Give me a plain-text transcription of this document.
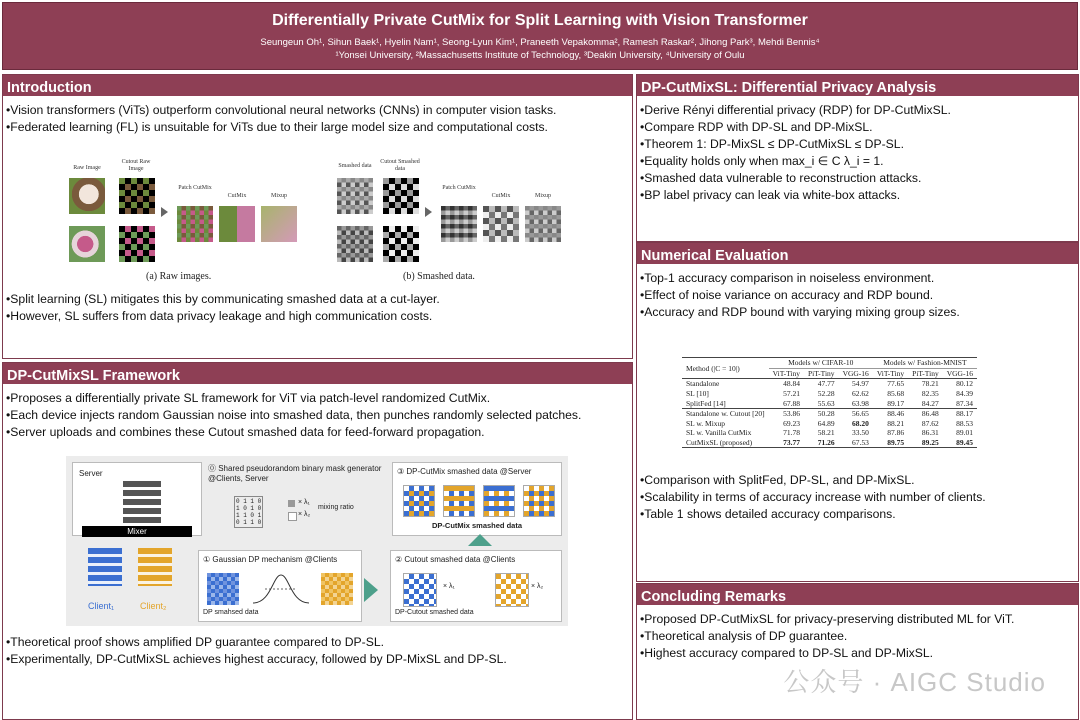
Differentially Private CutMix for Split Learning with Vision Transformer
Seungeun Oh¹, Sihun Baek¹, Hyelin Nam¹, Seong-Lyun Kim¹, Praneeth Vepakomma², Ramesh Raskar², Jihong Park³, Mehdi Bennis⁴
¹Yonsei University, ²Massachusetts Institute of Technology, ³Deakin University, ⁴University of Oulu
Introduction
• Vision transformers (ViTs) outperform convolutional neural networks (CNNs) in computer vision tasks.
• Federated learning (FL) is unsuitable for ViTs due to their large model size and computational costs.
Raw Image
Cutout Raw Image
Patch CutMix
CutMix	Mixup
(a) Raw images.
Smashed data
Cutout Smashed data
Patch CutMix
CutMix	Mixup
(b) Smashed data.
• Split learning (SL) mitigates this by communicating smashed data at a cut-layer.
• However, SL suffers from data privacy leakage and high communication costs.
DP-CutMixSL Framework
• Proposes a differentially private SL framework for ViT via patch-level randomized CutMix.
• Each device injects random Gaussian noise into smashed data, then punches randomly selected patches.
• Server uploads and combines these Cutout smashed data for feed-forward propagation.
• Theoretical proof shows amplified DP guarantee compared to DP-SL.
• Experimentally, DP-CutMixSL achieves highest accuracy, followed by DP-MixSL and DP-SL.
Server
Mixer
Client₁	Client₂
⓪ Shared pseudorandom binary mask generator @Clients, Server
0 1 1 0
1 0 1 0
1 1 0 1
0 1 1 0
× λ₁
× λ₂
mixing ratio
③ DP-CutMix smashed data @Server
DP-CutMix smashed data
① Gaussian DP mechanism @Clients
DP smahsed data
② Cutout smashed data @Clients
× λ₁	× λ₂
DP-Cutout smashed data
DP-CutMixSL: Differential Privacy Analysis
• Derive Rényi differential privacy (RDP) for DP-CutMixSL.
• Compare RDP with DP-SL and DP-MixSL.
• Theorem 1: DP-MixSL ≤ DP-CutMixSL ≤ DP-SL.
• Equality holds only when max_i ∈ C λ_i = 1.
• Smashed data vulnerable to reconstruction attacks.
• BP label privacy can leak via white-box attacks.
Numerical Evaluation
• Top-1 accuracy comparison in noiseless environment.
• Effect of noise variance on accuracy and RDP bound.
• Accuracy and RDP bound with varying mixing group sizes.
• Comparison with SplitFed, DP-SL, and DP-MixSL.
• Scalability in terms of accuracy increase with number of clients.
• Table 1 shows detailed accuracy comparisons.
Method (|C = 10|)	Models w/ CIFAR-10			Models w/ Fashion-MNIST		
	ViT-Tiny	PiT-Tiny	VGG-16	ViT-Tiny	PiT-Tiny	VGG-16
Standalone	48.84	47.77	54.97	77.65	78.21	80.12
SL [10]	57.21	52.28	62.62	85.68	82.35	84.39
SplitFed [14]	67.88	55.63	63.98	89.17	84.27	87.34
Standalone w. Cutout [20]	53.86	50.28	56.65	88.46	86.48	88.17
SL w. Mixup	69.23	64.89	68.20	88.21	87.62	88.53
SL w. Vanilla CutMix	71.78	58.21	33.50	87.86	86.31	89.01
CutMixSL (proposed)	73.77	71.26	67.53	89.75	89.25	89.45
Concluding Remarks
• Proposed DP-CutMixSL for privacy-preserving distributed ML for ViT.
• Theoretical analysis of DP guarantee.
• Highest accuracy compared to DP-SL and DP-MixSL.
公众号 · AIGC Studio
